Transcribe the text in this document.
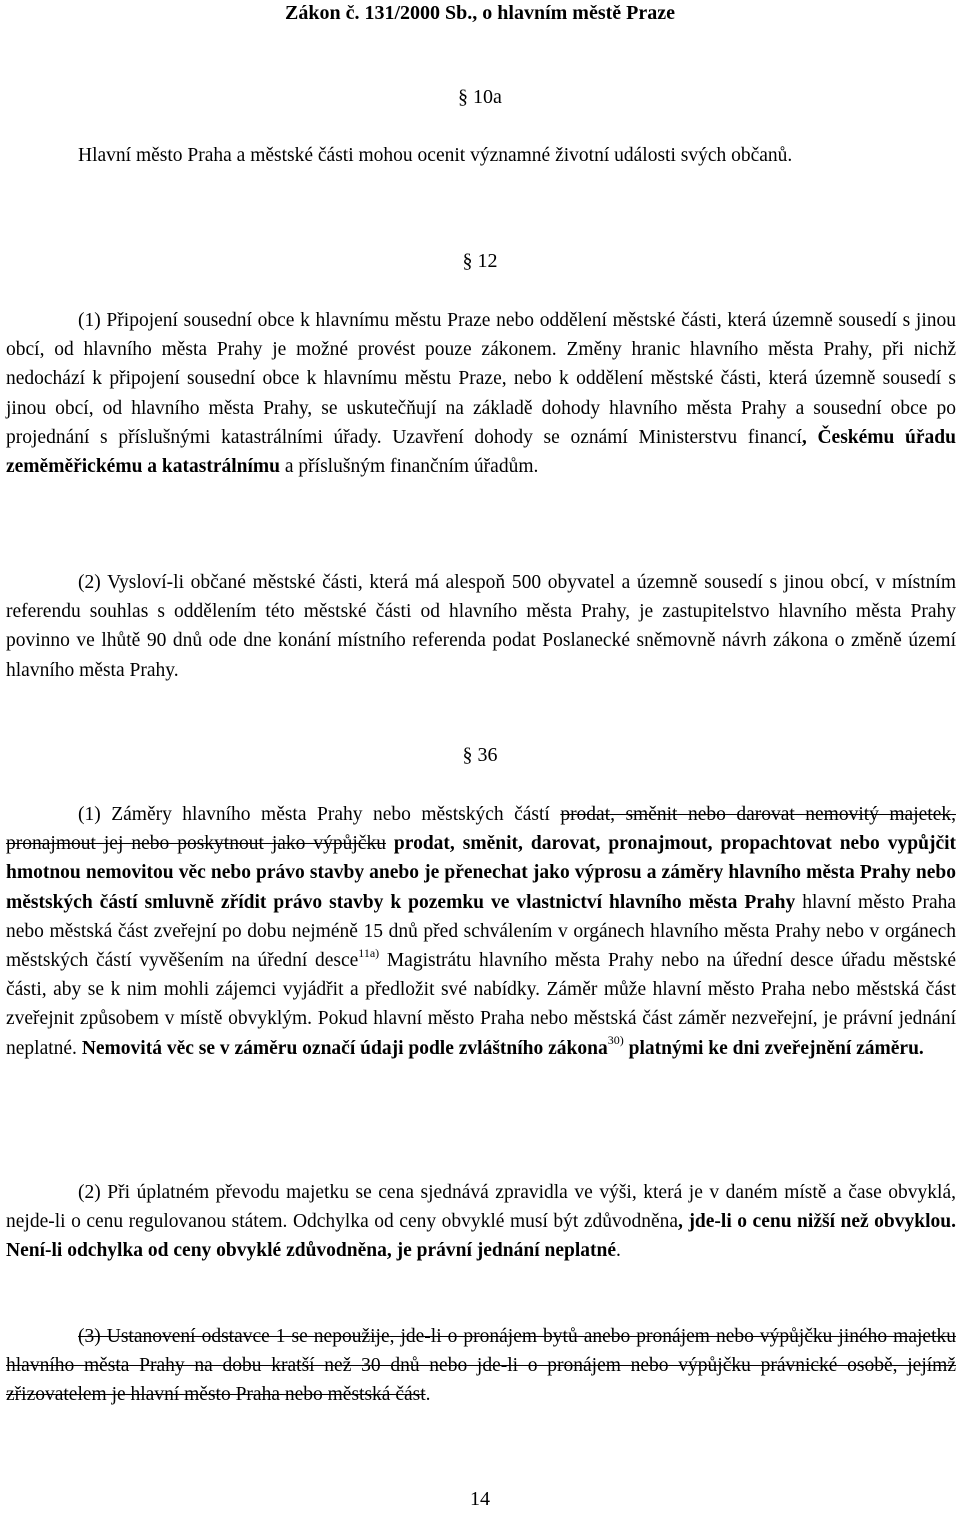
Zákon č. 131/2000 Sb., o hlavním městě Praze
§ 10a
Hlavní město Praha a městské části mohou ocenit významné životní události svých občanů.
§ 12
(1) Připojení sousední obce k hlavnímu městu Praze nebo oddělení městské části, která územně sousedí s jinou obcí, od hlavního města Prahy je možné provést pouze zákonem. Změny hranic hlavního města Prahy, při nichž nedochází k připojení sousední obce k hlavnímu městu Praze, nebo k oddělení městské části, která územně sousedí s jinou obcí, od hlavního města Prahy, se uskutečňují na základě dohody hlavního města Prahy a sousední obce po projednání s příslušnými katastrálními úřady. Uzavření dohody se oznámí Ministerstvu financí, Českému úřadu zeměměřickému a katastrálnímu a příslušným finančním úřadům.
(2) Vysloví-li občané městské části, která má alespoň 500 obyvatel a územně sousedí s jinou obcí, v místním referendu souhlas s oddělením této městské části od hlavního města Prahy, je zastupitelstvo hlavního města Prahy povinno ve lhůtě 90 dnů ode dne konání místního referenda podat Poslanecké sněmovně návrh zákona o změně území hlavního města Prahy.
§ 36
(1) Záměry hlavního města Prahy nebo městských částí prodat, směnit nebo darovat nemovitý majetek, pronajmout jej nebo poskytnout jako výpůjčku prodat, směnit, darovat, pronajmout, propachtovat nebo vypůjčit hmotnou nemovitou věc nebo právo stavby anebo je přenechat jako výprosu a záměry hlavního města Prahy nebo městských částí smluvně zřídit právo stavby k pozemku ve vlastnictví hlavního města Prahy hlavní město Praha nebo městská část zveřejní po dobu nejméně 15 dnů před schválením v orgánech hlavního města Prahy nebo v orgánech městských částí vyvěšením na úřední desce$^{11a)}$ Magistrátu hlavního města Prahy nebo na úřední desce úřadu městské části, aby se k nim mohli zájemci vyjádřit a předložit své nabídky. Záměr může hlavní město Praha nebo městská část zveřejnit způsobem v místě obvyklým. Pokud hlavní město Praha nebo městská část záměr nezveřejní, je právní jednání neplatné. Nemovitá věc se v záměru označí údaji podle zvláštního zákona$^{30)}$ platnými ke dni zveřejnění záměru.
(2) Při úplatném převodu majetku se cena sjednává zpravidla ve výši, která je v daném místě a čase obvyklá, nejde-li o cenu regulovanou státem. Odchylka od ceny obvyklé musí být zdůvodněna, jde-li o cenu nižší než obvyklou. Není-li odchylka od ceny obvyklé zdůvodněna, je právní jednání neplatné.
(3) Ustanovení odstavce 1 se nepoužije, jde-li o pronájem bytů anebo pronájem nebo výpůjčku jiného majetku hlavního města Prahy na dobu kratší než 30 dnů nebo jde-li o pronájem nebo výpůjčku právnické osobě, jejímž zřizovatelem je hlavní město Praha nebo městská část.
14
